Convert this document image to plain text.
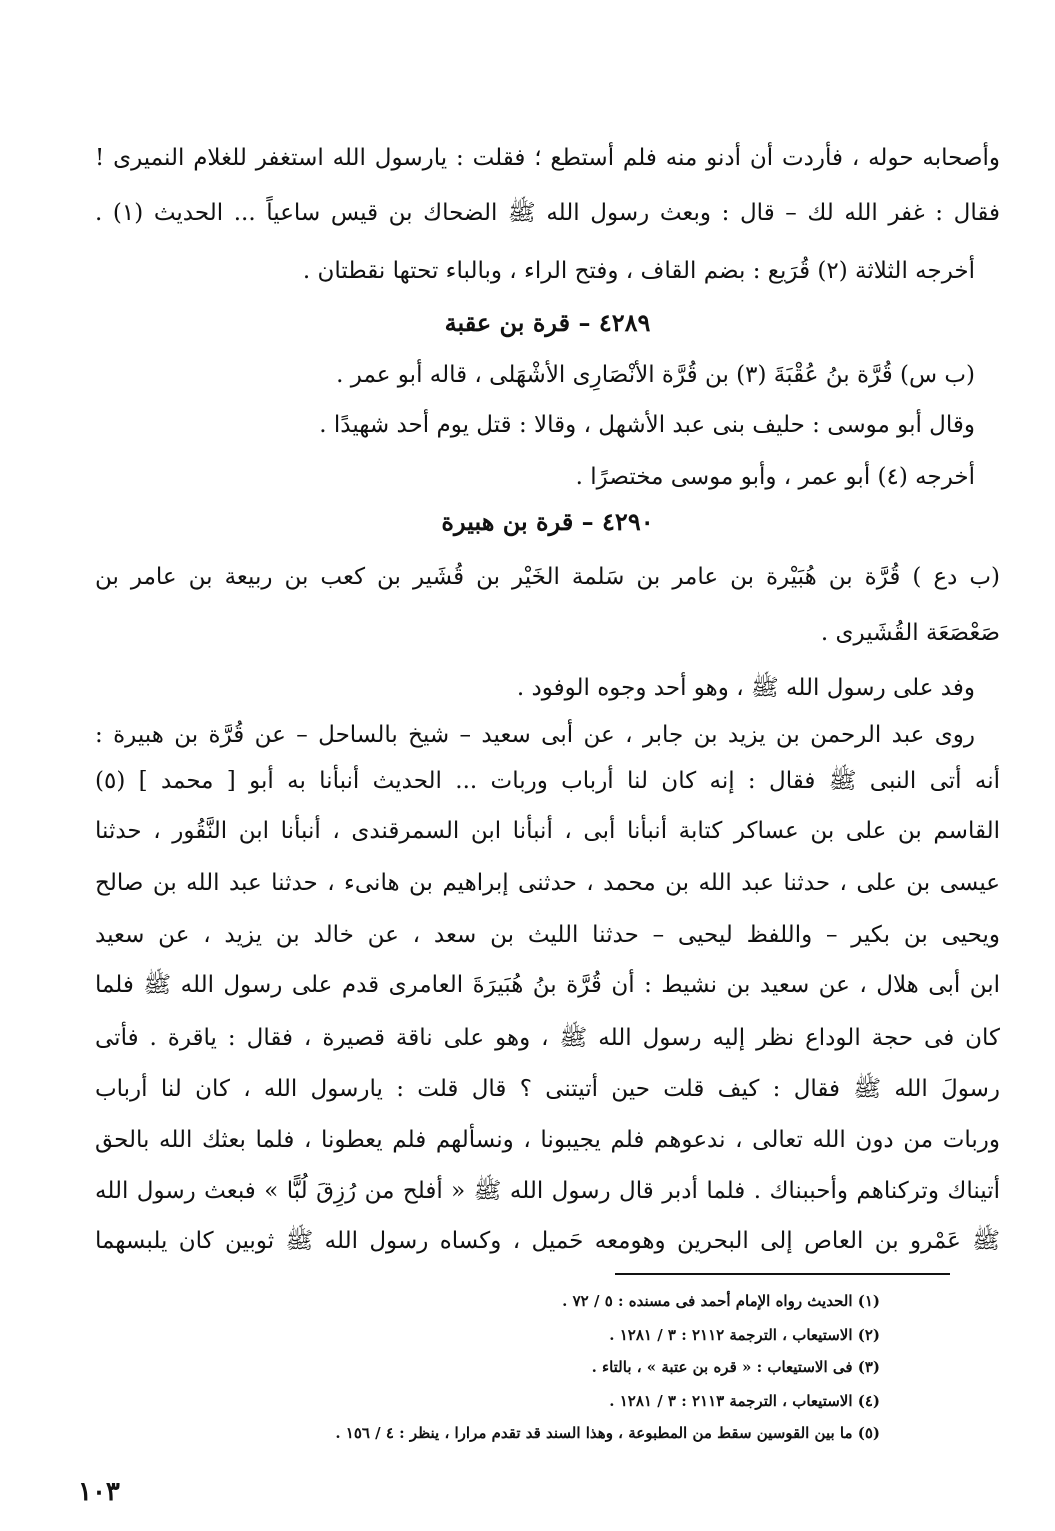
وأصحابه حوله ، فأردت أن أدنو منه فلم أستطع ؛ فقلت : يارسول الله استغفر للغلام النميرى !
فقال : غفر الله لك – قال : وبعث رسول الله ﷺ الضحاك بن قيس ساعياً ... الحديث (١) .
أخرجه الثلاثة (٢) قُرَيع : بضم القاف ، وفتح الراء ، وبالباء تحتها نقطتان .
٤٢٨٩ – قرة بن عقبة
(ب س) قُرَّة بنُ عُقْبَةَ (٣) بن قُرَّة الأنْصَارِى الأشْهَلى ، قاله أبو عمر .
وقال أبو موسى : حليف بنى عبد الأشهل ، وقالا : قتل يوم أحد شهيدًا .
أخرجه (٤) أبو عمر ، وأبو موسى مختصرًا .
٤٢٩٠ – قرة بن هبيرة
(ب دع ) قُرَّة بن هُبَيْرة بن عامر بن سَلمة الخَيْر بن قُشَير بن كعب بن ربيعة بن عامر بن
صَعْصَعَة القُشَيرى .
وفد على رسول الله ﷺ ، وهو أحد وجوه الوفود .
روى عبد الرحمن بن يزيد بن جابر ، عن أبى سعيد – شيخ بالساحل – عن قُرَّة بن هبيرة :
أنه أتى النبى ﷺ فقال : إنه كان لنا أرباب وربات ... الحديث أنبأنا به أبو [ محمد ] (٥)
القاسم بن على بن عساكر كتابة أنبأنا أبى ، أنبأنا ابن السمرقندى ، أنبأنا ابن النَّقُور ، حدثنا
عيسى بن على ، حدثنا عبد الله بن محمد ، حدثنى إبراهيم بن هانىء ، حدثنا عبد الله بن صالح
ويحيى بن بكير – واللفظ ليحيى – حدثنا الليث بن سعد ، عن خالد بن يزيد ، عن سعيد
ابن أبى هلال ، عن سعيد بن نشيط : أن قُرَّة بنُ هُبَيرَةَ العامرى قدم على رسول الله ﷺ فلما
كان فى حجة الوداع نظر إليه رسول الله ﷺ ، وهو على ناقة قصيرة ، فقال : ياقرة . فأتى
رسولَ الله ﷺ فقال : كيف قلت حين أتيتنى ؟ قال قلت : يارسول الله ، كان لنا أرباب
وربات من دون الله تعالى ، ندعوهم فلم يجيبونا ، ونسألهم فلم يعطونا ، فلما بعثك الله بالحق
أتيناك وتركناهم وأحببناك . فلما أدبر قال رسول الله ﷺ « أفلح من رُزِقَ لُبًّا » فبعث رسول الله
ﷺ عَمْرو بن العاص إلى البحرين وهومعه حَميل ، وكساه رسول الله ﷺ ثوبين كان يلبسهما
(١) الحديث رواه الإمام أحمد فى مسنده : ٥ / ٧٢ .
(٢) الاستيعاب ، الترجمة ٢١١٢ : ٣ / ١٢٨١ .
(٣) فى الاستيعاب : « قره بن عتبة » ، بالتاء .
(٤) الاستيعاب ، الترجمة ٢١١٣ : ٣ / ١٢٨١ .
(٥) ما بين القوسين سقط من المطبوعة ، وهذا السند قد تقدم مرارا ، ينظر : ٤ / ١٥٦ .
١٠٣
